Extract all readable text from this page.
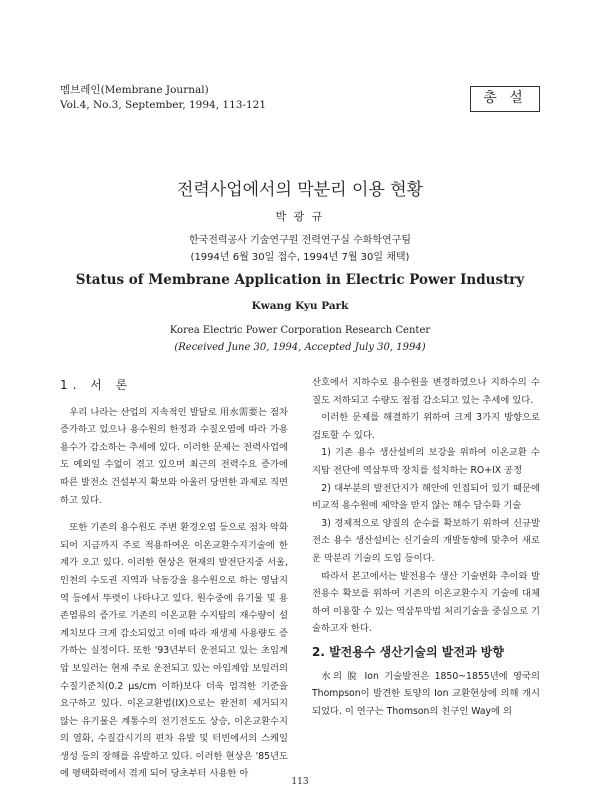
멤브레인(Membrane Journal)
Vol.4, No.3, September, 1994, 113-121	총 설
전력사업에서의 막분리 이용 현황
박 광 규
한국전력공사 기술연구원 전력연구실 수화학연구팀
(1994년 6월 30일 접수, 1994년 7월 30일 채택)
Status of Membrane Application in Electric Power Industry
Kwang Kyu Park
Korea Electric Power Corporation Research Center
(Received June 30, 1994, Accepted July 30, 1994)
1. 서 론

우리 나라는 산업의 지속적인 발달로 用水需要는 점차 증가하고 있으나 용수원의 한정과 수질오염에 따라 가용용수가 감소하는 추세에 있다. 이러한 문제는 전력사업에도 예외일 수없이 겪고 있으며 최근의 전력수요 증가에 따른 발전소 건설부지 확보와 아울러 당면한 과제로 직면하고 있다.

또한 기존의 용수원도 주변 환경오염 등으로 점차 악화되어 지금까지 주로 적용하여온 이온교환수지기술에 한계가 오고 있다. 이러한 현상은 현재의 발전단지중 서울, 인천의 수도권 지역과 낙동강을 용수원으로 하는 영남지역 등에서 뚜렷이 나타나고 있다. 원수중에 유기물 및 용존염류의 증가로 기존의 이온교환 수지탑의 재수량이 설계치보다 크게 감소되었고 이에 따라 재생제 사용량도 증가하는 실정이다. 또한 '93년부터 운전되고 있는 초임계압 보일러는 현재 주로 운전되고 있는 아임계압 보일러의 수질기준치(0.2 μs/cm 이하)보다 더욱 엄격한 기준을 요구하고 있다. 이온교환법(IX)으로는 완전히 제거되지 않는 유기물은 계통수의 전기전도도 상승, 이온교환수지의 열화, 수질감시기의 편차 유발 및 터빈에서의 스케일 생성 등의 장해를 유발하고 있다. 이러한 현상은 '85년도에 평택화력에서 겪게 되어 당초부터 사용한 아

산호에서 지하수로 용수원을 변경하였으나 지하수의 수질도 저하되고 수량도 점점 감소되고 있는 추세에 있다.

이러한 문제를 해결하기 위하여 크게 3가지 방향으로 검토할 수 있다.

1) 기존 용수 생산설비의 보강을 위하여 이온교환 수지탑 전단에 역삼투막 장치를 설치하는 RO+IX 공정

2) 대부분의 발전단지가 해안에 인접되어 있기 때문에 비교적 용수원에 제약을 받지 않는 해수 담수화 기술

3) 경제적으로 양질의 순수를 확보하기 위하여 신규발전소 용수 생산설비는 신기술의 개발동향에 맞추어 새로운 막분리 기술의 도입 등이다.

따라서 본고에서는 발전용수 생산 기술변화 추이와 발전용수 확보를 위하여 기존의 이온교환수지 기술에 대체하여 이용할 수 있는 역삼투막법 처리기술을 중심으로 기술하고자 한다.

2. 발전용수 생산기술의 발전과 방향

水의 脫 Ion 기술발전은 1850~1855년에 영국의 Thompson이 발견한 토양의 Ion 교환현상에 의해 개시되었다. 이 연구는 Thomson의 친구인 Way에 의

113
